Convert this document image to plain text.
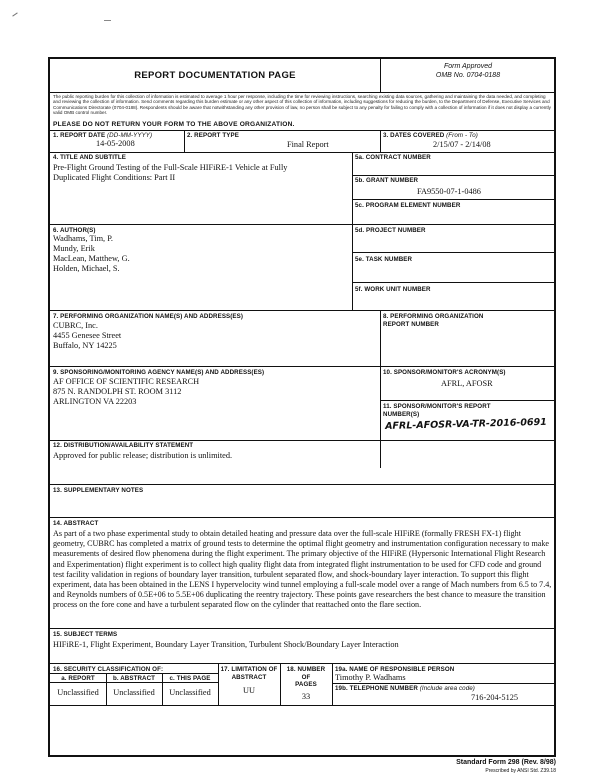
REPORT DOCUMENTATION PAGE
Form Approved
OMB No. 0704-0188
The public reporting burden for this collection of information is estimated to average 1 hour per response, including the time for reviewing instructions, searching existing data sources, gathering and maintaining the data needed, and completing and reviewing the collection of information. Send comments regarding this burden estimate or any other aspect of this collection of information, including suggestions for reducing the burden, to the Department of Defense, Executive Services and Communications Directorate (0704-0188). Respondents should be aware that notwithstanding any other provision of law, no person shall be subject to any penalty for failing to comply with a collection of information if it does not display a currently valid OMB control number.
PLEASE DO NOT RETURN YOUR FORM TO THE ABOVE ORGANIZATION.
1. REPORT DATE (DD-MM-YYYY)
14-05-2008
2. REPORT TYPE
Final Report
3. DATES COVERED (From - To)
2/15/07 - 2/14/08
4. TITLE AND SUBTITLE
Pre-Flight Ground Testing of the Full-Scale HIFiRE-1 Vehicle at Fully
Duplicated Flight Conditions: Part II
5a. CONTRACT NUMBER
5b. GRANT NUMBER
FA9550-07-1-0486
5c. PROGRAM ELEMENT NUMBER
6. AUTHOR(S)
Wadhams, Tim, P.
Mundy, Erik
MacLean, Matthew, G.
Holden, Michael, S.
5d. PROJECT NUMBER
5e. TASK NUMBER
5f. WORK UNIT NUMBER
7. PERFORMING ORGANIZATION NAME(S) AND ADDRESS(ES)
CUBRC, Inc.
4455 Genesee Street
Buffalo, NY 14225
8. PERFORMING ORGANIZATION
REPORT NUMBER
9. SPONSORING/MONITORING AGENCY NAME(S) AND ADDRESS(ES)
AF OFFICE OF SCIENTIFIC RESEARCH
875 N. RANDOLPH ST. ROOM 3112
ARLINGTON VA 22203
10. SPONSOR/MONITOR'S ACRONYM(S)
AFRL, AFOSR
11. SPONSOR/MONITOR'S REPORT
NUMBER(S)
AFRL-AFOSR-VA-TR-2016-0691
12. DISTRIBUTION/AVAILABILITY STATEMENT
Approved for public release; distribution is unlimited.
13. SUPPLEMENTARY NOTES
14. ABSTRACT
As part of a two phase experimental study to obtain detailed heating and pressure data over the full-scale HIFiRE (formally FRESH FX-1) flight geometry, CUBRC has completed a matrix of ground tests to determine the optimal flight geometry and instrumentation configuration necessary to make measurements of desired flow phenomena during the flight experiment. The primary objective of the HIFiRE (Hypersonic International Flight Research and Experimentation) flight experiment is to collect high quality flight data from integrated flight instrumentation to be used for CFD code and ground test facility validation in regions of boundary layer transition, turbulent separated flow, and shock-boundary layer interaction. To support this flight experiment, data has been obtained in the LENS I hypervelocity wind tunnel employing a full-scale model over a range of Mach numbers from 6.5 to 7.4, and Reynolds numbers of 0.5E+06 to 5.5E+06 duplicating the reentry trajectory. These points gave researchers the best chance to measure the transition process on the fore cone and have a turbulent separated flow on the cylinder that reattached onto the flare section.
15. SUBJECT TERMS
HIFiRE-1, Flight Experiment, Boundary Layer Transition, Turbulent Shock/Boundary Layer Interaction
16. SECURITY CLASSIFICATION OF:
a. REPORT	b. ABSTRACT	c. THIS PAGE
Unclassified	Unclassified	Unclassified
17. LIMITATION OF
ABSTRACT
UU
18. NUMBER
OF
PAGES
33
19a. NAME OF RESPONSIBLE PERSON
Timothy P. Wadhams
19b. TELEPHONE NUMBER (Include area code)
716-204-5125
Standard Form 298 (Rev. 8/98)
Prescribed by ANSI Std. Z39.18
